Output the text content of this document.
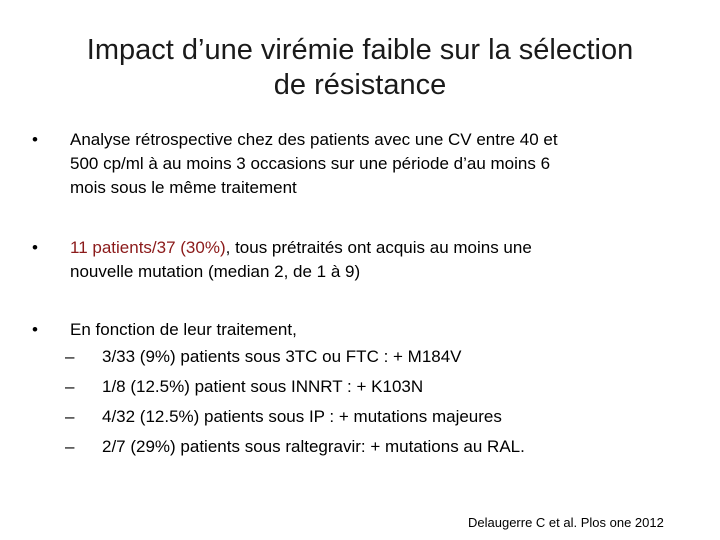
Impact d’une virémie faible sur la sélection
de résistance
•	Analyse rétrospective chez des patients avec une CV entre 40 et
500 cp/ml à au moins 3 occasions sur une période d’au moins 6
mois sous le même traitement
•	11 patients/37 (30%), tous prétraités ont acquis au moins une
nouvelle mutation (median 2, de 1 à 9)
•	En fonction de leur traitement,
– 3/33 (9%) patients sous 3TC ou FTC : + M184V
– 1/8 (12.5%) patient sous INNRT : + K103N
– 4/32 (12.5%) patients sous IP : + mutations majeures
– 2/7 (29%) patients sous raltegravir: + mutations au RAL.
Delaugerre C et al. Plos one 2012
